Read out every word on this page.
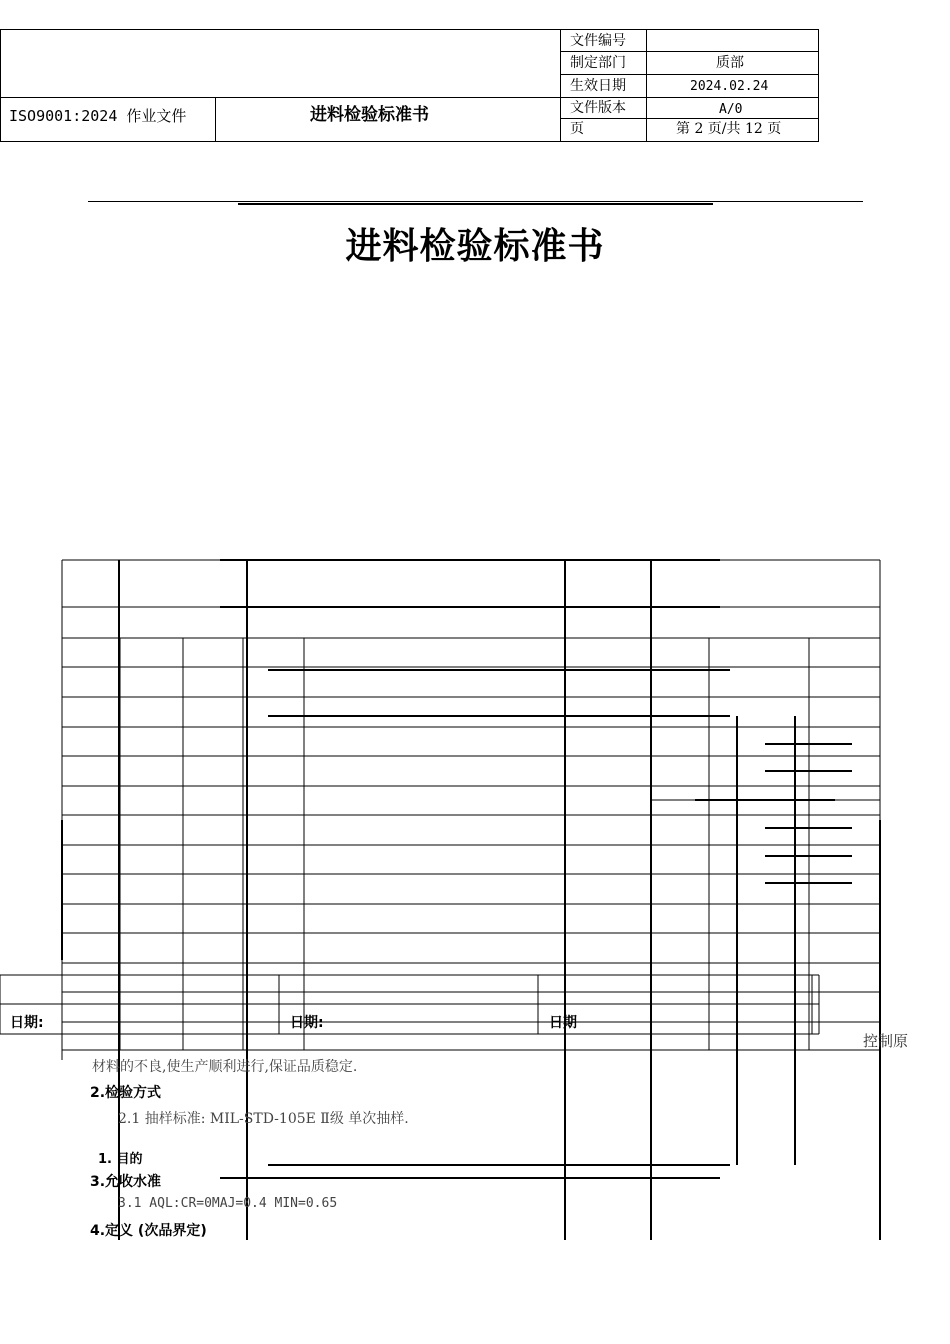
ISO9001:2024 作业文件	进料检验标准书
文件编号
制定部门	质部
生效日期	2024.02.24
文件版本	A/0
页	第 2 页/共 12 页
进料检验标准书
日期:	日期:	日期
控制原
材料的不良,使生产顺利进行,保证品质稳定.
2.检验方式
2.1 抽样标准: MIL-STD-105E Ⅱ级 单次抽样.
1. 目的
3.允收水准
3.1 AQL:CR=0MAJ=0.4 MIN=0.65
4.定义 (次品界定)
